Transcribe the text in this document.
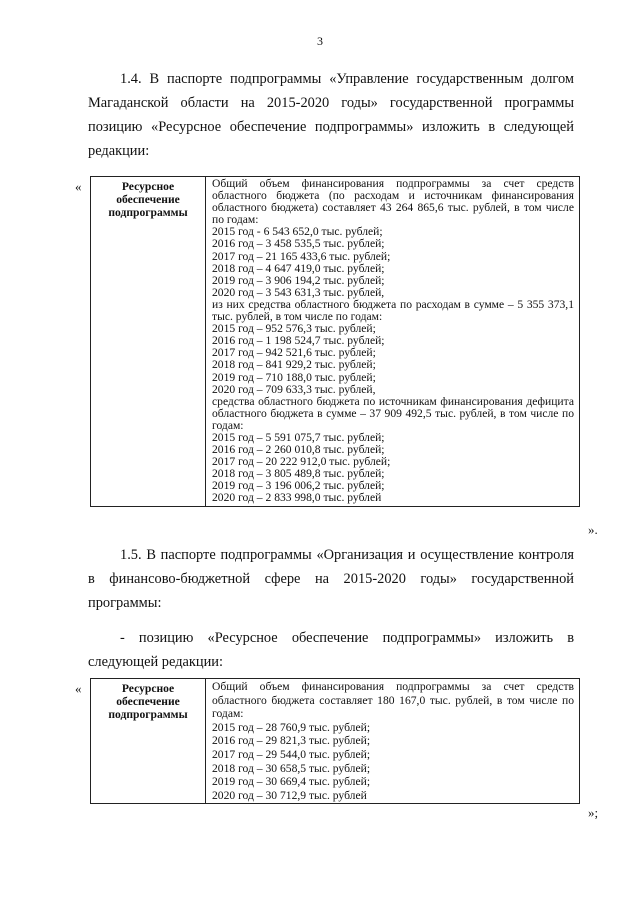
3
1.4. В паспорте подпрограммы «Управление государственным долгом Магаданской области на 2015-2020 годы» государственной программы позицию «Ресурсное обеспечение подпрограммы» изложить в следующей редакции:
«	Ресурсное обеспечение подпрограммы	
Общий объем финансирования подпрограммы за счет средств областного бюджета (по расходам и источникам финансирования областного бюджета) составляет 43 264 865,6 тыс. рублей, в том числе по годам:
2015 год - 6 543 652,0 тыс. рублей;
2016 год – 3 458 535,5 тыс. рублей;
2017 год – 21 165 433,6 тыс. рублей;
2018 год – 4 647 419,0 тыс. рублей;
2019 год – 3 906 194,2 тыс. рублей;
2020 год – 3 543 631,3 тыс. рублей,
из них средства областного бюджета по расходам в сумме – 5 355 373,1 тыс. рублей, в том числе по годам:
2015 год – 952 576,3 тыс. рублей;
2016 год – 1 198 524,7 тыс. рублей;
2017 год – 942 521,6 тыс. рублей;
2018 год – 841 929,2 тыс. рублей;
2019 год – 710 188,0 тыс. рублей;
2020 год – 709 633,3 тыс. рублей,
средства областного бюджета по источникам финансирования дефицита областного бюджета в сумме – 37 909 492,5 тыс. рублей, в том числе по годам:
2015 год – 5 591 075,7 тыс. рублей;
2016 год – 2 260 010,8 тыс. рублей;
2017 год – 20 222 912,0 тыс. рублей;
2018 год – 3 805 489,8 тыс. рублей;
2019 год – 3 196 006,2 тыс. рублей;
2020 год – 2 833 998,0 тыс. рублей
».
1.5. В паспорте подпрограммы «Организация и осуществление контроля в финансово-бюджетной сфере на 2015-2020 годы» государственной программы:
- позицию «Ресурсное обеспечение подпрограммы» изложить в следующей редакции:
«	Ресурсное обеспечение подпрограммы	
Общий объем финансирования подпрограммы за счет средств областного бюджета составляет 180 167,0 тыс. рублей, в том числе по годам:
2015 год – 28 760,9 тыс. рублей;
2016 год – 29 821,3 тыс. рублей;
2017 год – 29 544,0 тыс. рублей;
2018 год – 30 658,5 тыс. рублей;
2019 год – 30 669,4 тыс. рублей;
2020 год – 30 712,9 тыс. рублей
»;
